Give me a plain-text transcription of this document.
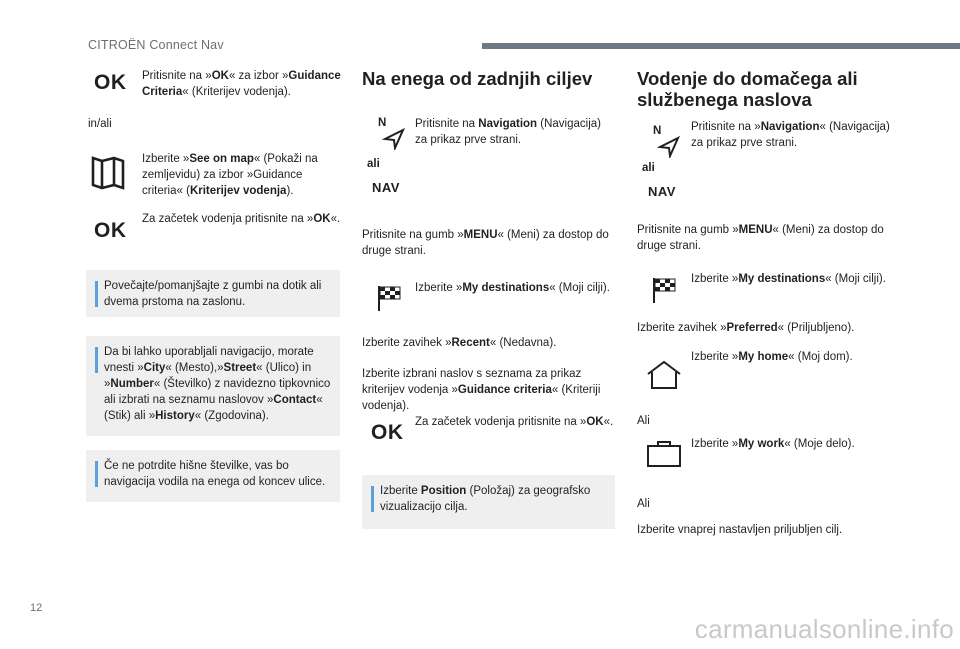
CITROËN Connect Nav
OK Pritisnite na »OK« za izbor »Guidance Criteria« (Kriterijev vodenja).
in/ali
Izberite »See on map« (Pokaži na zemljevidu) za izbor »Guidance criteria« (Kriterijev vodenja).
OK Za začetek vodenja pritisnite na »OK«.
Povečajte/pomanjšajte z gumbi na dotik ali dvema prstoma na zaslonu.
Da bi lahko uporabljali navigacijo, morate vnesti »City« (Mesto),»Street« (Ulico) in »Number« (Številko) z navidezno tipkovnico ali izbrati na seznamu naslovov »Contact« (Stik) ali »History« (Zgodovina).
Če ne potrdite hišne številke, vas bo navigacija vodila na enega od koncev ulice.
Na enega od zadnjih ciljev
N
ali
NAV
Pritisnite na Navigation (Navigacija) za prikaz prve strani.
Pritisnite na gumb »MENU« (Meni) za dostop do druge strani.
Izberite »My destinations« (Moji cilji).
Izberite zavihek »Recent« (Nedavna).
Izberite izbrani naslov s seznama za prikaz kriterijev vodenja »Guidance criteria« (Kriteriji vodenja).
OK Za začetek vodenja pritisnite na »OK«.
Izberite Position (Položaj) za geografsko vizualizacijo cilja.
Vodenje do domačega ali
službenega naslova
N
ali
NAV
Pritisnite na »Navigation« (Navigacija) za prikaz prve strani.
Pritisnite na gumb »MENU« (Meni) za dostop do druge strani.
Izberite »My destinations« (Moji cilji).
Izberite zavihek »Preferred« (Priljubljeno).
Izberite »My home« (Moj dom).
Ali
Izberite »My work« (Moje delo).
Ali
Izberite vnaprej nastavljen priljubljen cilj.
12
carmanualsonline.info
